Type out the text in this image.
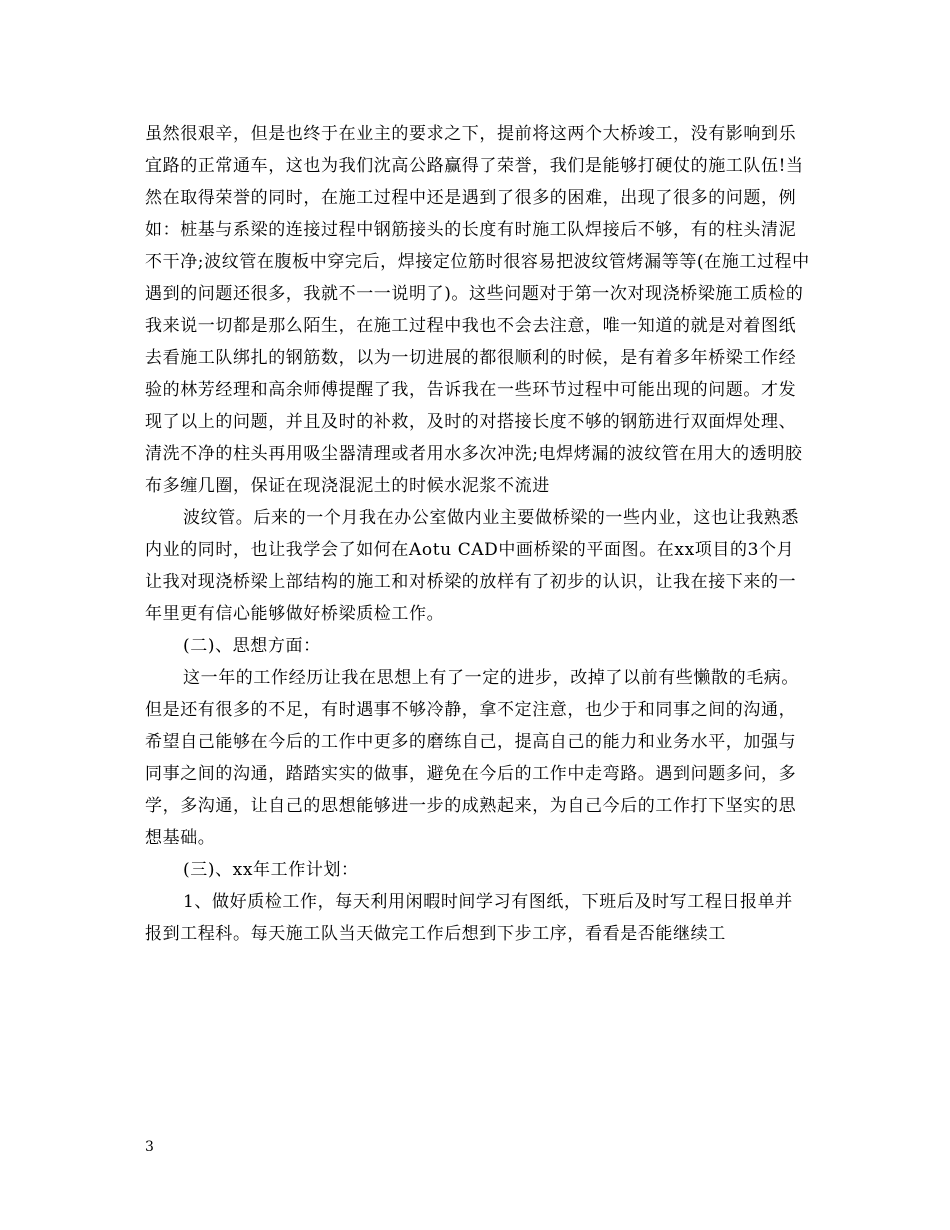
虽然很艰辛，但是也终于在业主的要求之下，提前将这两个大桥竣工，没有影响到乐宜路的正常通车，这也为我们沈高公路赢得了荣誉，我们是能够打硬仗的施工队伍!当然在取得荣誉的同时，在施工过程中还是遇到了很多的困难，出现了很多的问题，例如：桩基与系梁的连接过程中钢筋接头的长度有时施工队焊接后不够，有的柱头清泥不干净;波纹管在腹板中穿完后，焊接定位筋时很容易把波纹管烤漏等等(在施工过程中遇到的问题还很多，我就不一一说明了)。这些问题对于第一次对现浇桥梁施工质检的我来说一切都是那么陌生，在施工过程中我也不会去注意，唯一知道的就是对着图纸去看施工队绑扎的钢筋数，以为一切进展的都很顺利的时候，是有着多年桥梁工作经验的林芳经理和高余师傅提醒了我，告诉我在一些环节过程中可能出现的问题。才发现了以上的问题，并且及时的补救，及时的对搭接长度不够的钢筋进行双面焊处理、清洗不净的柱头再用吸尘器清理或者用水多次冲洗;电焊烤漏的波纹管在用大的透明胶布多缠几圈，保证在现浇混泥土的时候水泥浆不流进

波纹管。后来的一个月我在办公室做内业主要做桥梁的一些内业，这也让我熟悉内业的同时，也让我学会了如何在Aotu CAD中画桥梁的平面图。在xx项目的3个月让我对现浇桥梁上部结构的施工和对桥梁的放样有了初步的认识，让我在接下来的一年里更有信心能够做好桥梁质检工作。

(二)、思想方面：

这一年的工作经历让我在思想上有了一定的进步，改掉了以前有些懒散的毛病。但是还有很多的不足，有时遇事不够冷静，拿不定注意，也少于和同事之间的沟通，希望自己能够在今后的工作中更多的磨练自己，提高自己的能力和业务水平，加强与同事之间的沟通，踏踏实实的做事，避免在今后的工作中走弯路。遇到问题多问，多学，多沟通，让自己的思想能够进一步的成熟起来，为自己今后的工作打下坚实的思想基础。

(三)、xx年工作计划：

1、做好质检工作，每天利用闲暇时间学习有图纸，下班后及时写工程日报单并报到工程科。每天施工队当天做完工作后想到下步工序，看看是否能继续工

3
